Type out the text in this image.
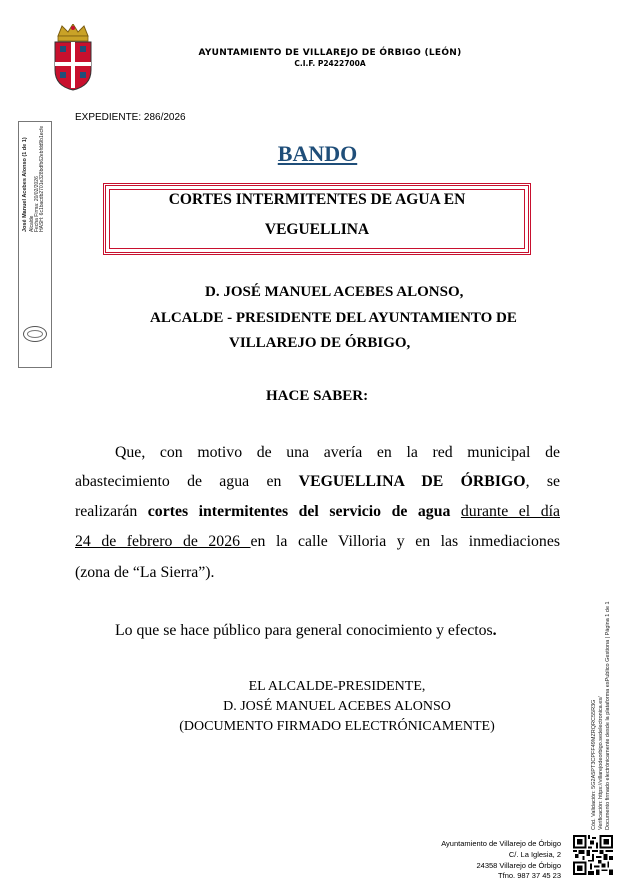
AYUNTAMIENTO DE VILLAREJO DE ÓRBIGO (LEÓN)
C.I.F. P2422700A
José Manuel Acebes Alonso (1 de 1) Alcalde Fecha Firma: 20/02/2026 HASH: 6c1bacdb2701e328bdfb62ebfdd9b1ecfe
Cód. Validación: 5G2A5PT3CPFF49MZRQRC55R3G Verificación: https://villarejodeorbigo.sedelectronica.es/ Documento firmado electrónicamente desde la plataforma esPublico Gestiona | Página 1 de 1
EXPEDIENTE: 286/2026
BANDO
CORTES INTERMITENTES DE AGUA EN
VEGUELLINA
D. JOSÉ MANUEL ACEBES ALONSO,
ALCALDE - PRESIDENTE DEL AYUNTAMIENTO DE
VILLAREJO DE ÓRBIGO,
HACE SABER:
Que, con motivo de una avería en la red municipal de
abastecimiento de agua en VEGUELLINA DE ÓRBIGO, se
realizarán cortes intermitentes del servicio de agua durante el día
24 de febrero de 2026 en la calle Villoria y en las inmediaciones
(zona de “La Sierra”).
Lo que se hace público para general conocimiento y efectos.
EL ALCALDE-PRESIDENTE,
D. JOSÉ MANUEL ACEBES ALONSO
(DOCUMENTO FIRMADO ELECTRÓNICAMENTE)
Ayuntamiento de Villarejo de Órbigo
C/. La Iglesia, 2
24358 Villarejo de Órbigo
Tfno. 987 37 45 23
